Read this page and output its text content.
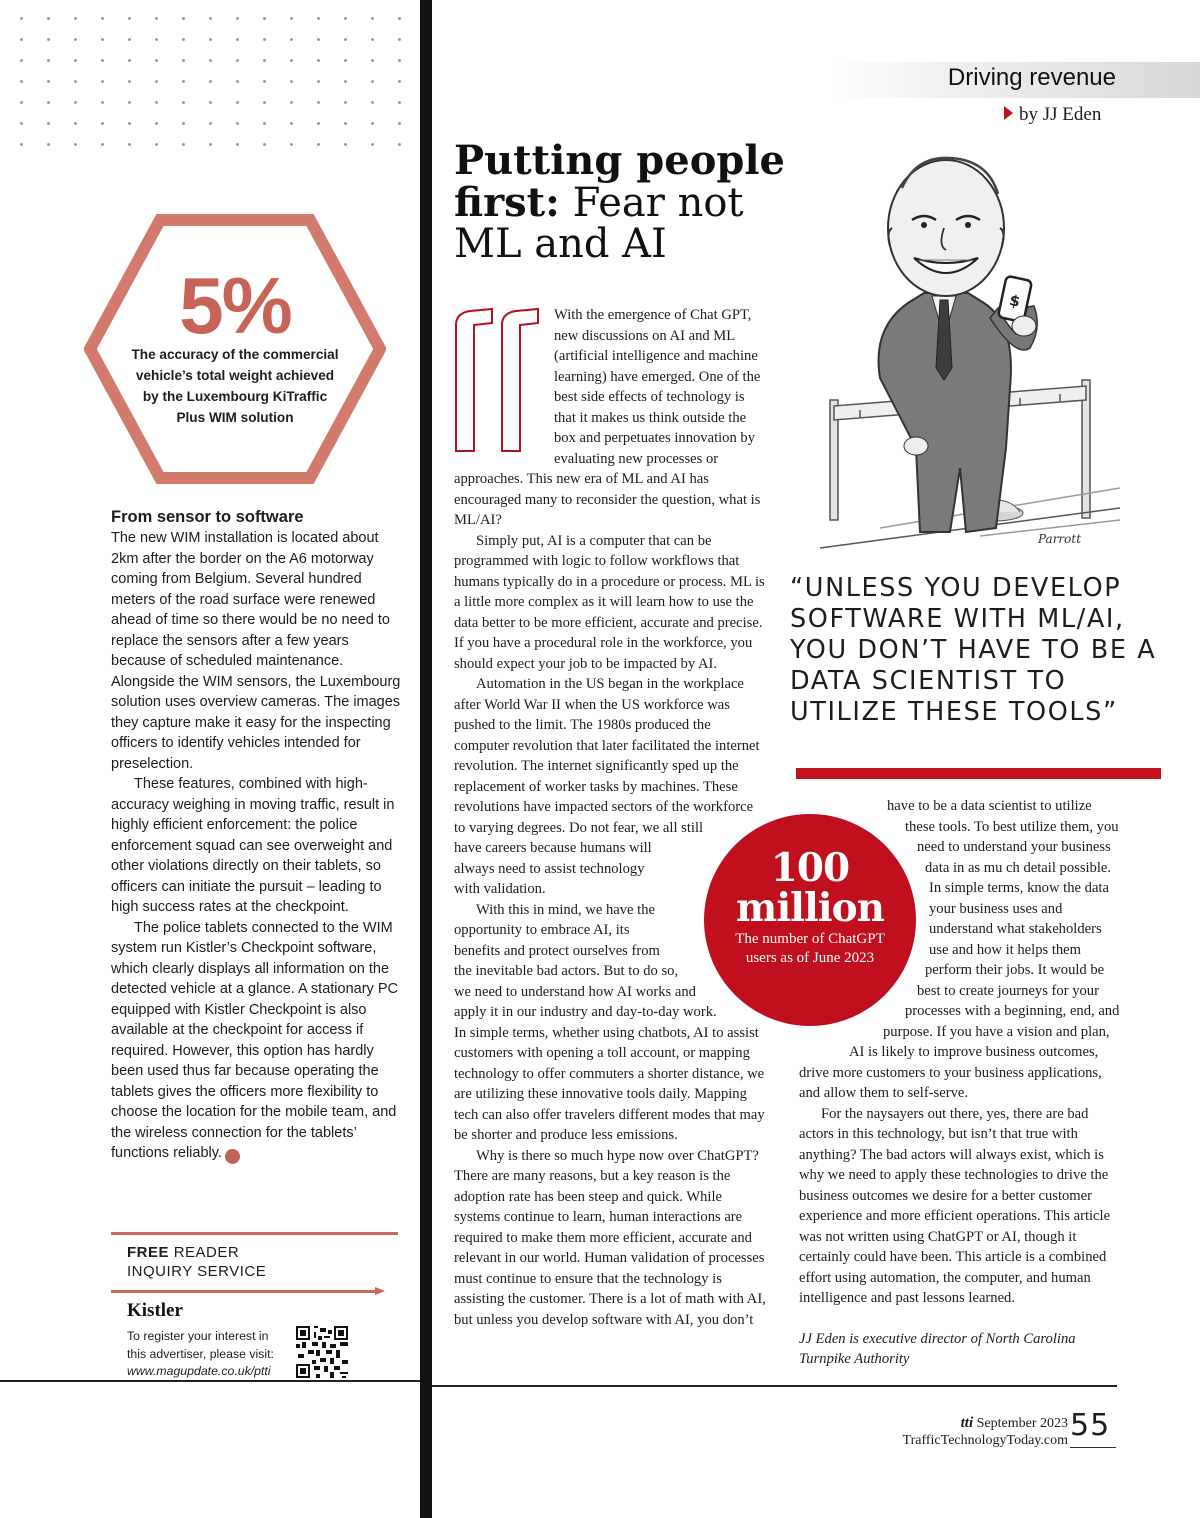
5%
The accuracy of the commercial vehicle’s total weight achieved by the Luxembourg KiTraffic Plus WIM solution
From sensor to software

The new WIM installation is located about 2km after the border on the A6 motorway coming from Belgium. Several hundred meters of the road surface were renewed ahead of time so there would be no need to replace the sensors after a few years because of scheduled maintenance. Alongside the WIM sensors, the Luxembourg solution uses overview cameras. The images they capture make it easy for the inspecting officers to identify vehicles intended for preselection.

These features, combined with high-accuracy weighing in moving traffic, result in highly efficient enforcement: the police enforcement squad can see overweight and other violations directly on their tablets, so officers can initiate the pursuit – leading to high success rates at the checkpoint.

The police tablets connected to the WIM system run Kistler’s Checkpoint software, which clearly displays all information on the detected vehicle at a glance. A stationary PC equipped with Kistler Checkpoint is also available at the checkpoint for access if required. However, this option has hardly been used thus far because operating the tablets gives the officers more flexibility to choose the location for the mobile team, and the wireless connection for the tablets’ functions reliably. ✕

FREE READER
INQUIRY SERVICE
Kistler
To register your interest in this advertiser, please visit:
www.magupdate.co.uk/ptti
Driving revenue
by JJ Eden
Putting people first: Fear not ML and AI
$
Parrott

With the emergence of Chat GPT, new discussions on AI and ML (artificial intelligence and machine learning) have emerged. One of the best side effects of technology is that it makes us think outside the box and perpetuates innovation by evaluating new processes or approaches. This new era of ML and AI has encouraged many to reconsider the question, what is ML/AI?

Simply put, AI is a computer that can be programmed with logic to follow workflows that humans typically do in a procedure or process. ML is a little more complex as it will learn how to use the data better to be more efficient, accurate and precise. If you have a procedural role in the workforce, you should expect your job to be impacted by AI.

Automation in the US began in the workplace after World War II when the US workforce was pushed to the limit. The 1980s produced the computer revolution that later facilitated the internet revolution. The internet significantly sped up the replacement of worker tasks by machines. These revolutions have impacted sectors of the workforce to varying degrees. Do not fear, we all still have careers because humans will always need to assist technology with validation.

With this in mind, we have the opportunity to embrace AI, its benefits and protect ourselves from the inevitable bad actors. But to do so, we need to understand how AI works and apply it in our industry and day-to-day work. In simple terms, whether using chatbots, AI to assist customers with opening a toll account, or mapping technology to offer commuters a shorter distance, we are utilizing these innovative tools daily. Mapping tech can also offer travelers different modes that may be shorter and produce less emissions.

Why is there so much hype now over ChatGPT? There are many reasons, but a key reason is the adoption rate has been steep and quick. While systems continue to learn, human interactions are required to make them more efficient, accurate and relevant in our world. Human validation of processes must continue to ensure that the technology is assisting the customer. There is a lot of math with AI, but unless you develop software with AI, you don’t

“UNLESS YOU DEVELOP SOFTWARE WITH ML/AI, YOU DON’T HAVE TO BE A DATA SCIENTIST TO UTILIZE THESE TOOLS”

have to be a data scientist to utilize these tools. To best utilize them, you need to understand your business data in as mu ch detail possible. In simple terms, know the data your business uses and understand what stakeholders use and how it helps them perform their jobs. It would be best to create journeys for your processes with a beginning, end, and purpose. If you have a vision and plan, AI is likely to improve business outcomes, drive more customers to your business applications, and allow them to self-serve.

For the naysayers out there, yes, there are bad actors in this technology, but isn’t that true with anything? The bad actors will always exist, which is why we need to apply these technologies to drive the business outcomes we desire for a better customer experience and more efficient operations. This article was not written using ChatGPT or AI, though it certainly could have been. This article is a combined effort using automation, the computer, and human intelligence and past lessons learned.

JJ Eden is executive director of North Carolina Turnpike Authority

100 million
The number of ChatGPT users as of June 2023
tti September 2023
TrafficTechnologyToday.com 55
